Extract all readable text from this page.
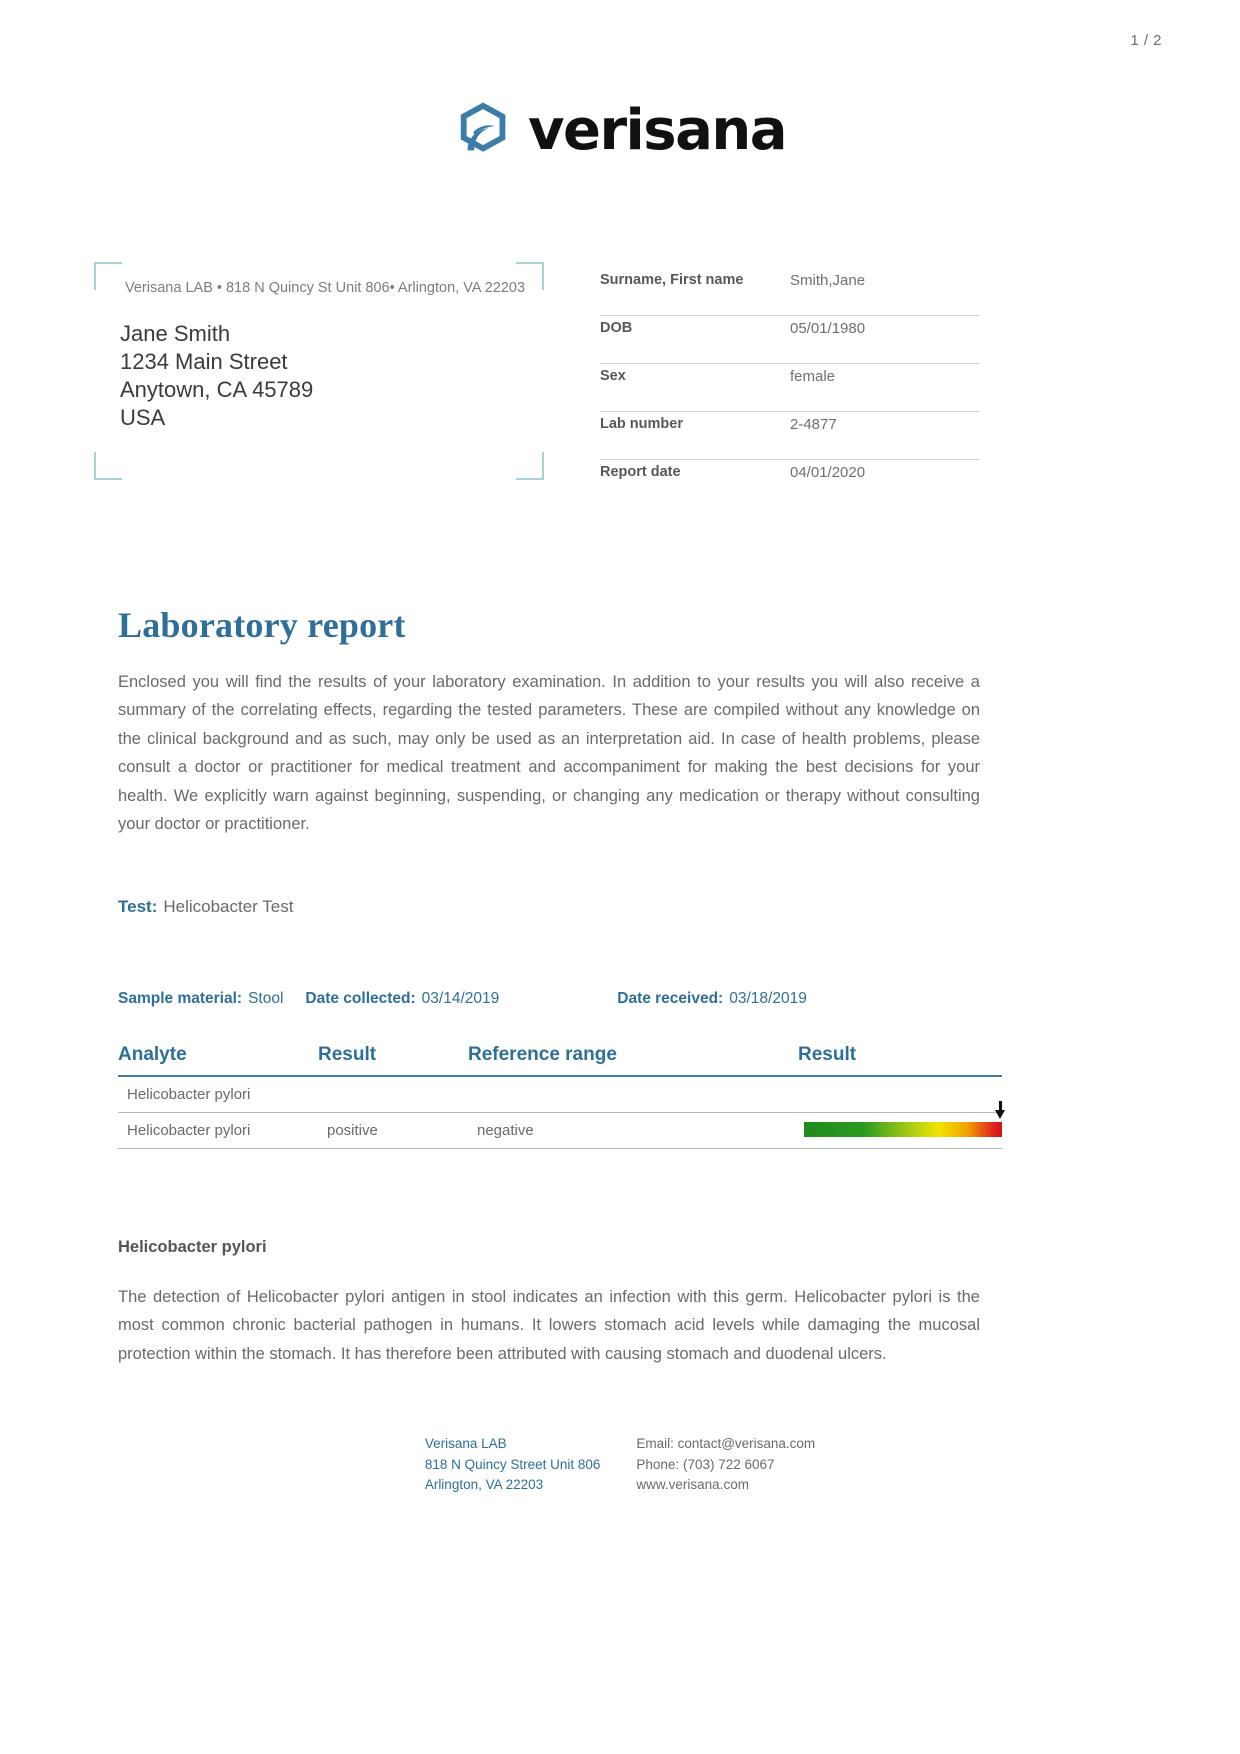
1 / 2
verisana
Verisana LAB • 818 N Quincy St Unit 806• Arlington, VA 22203
Jane Smith
1234 Main Street
Anytown, CA 45789
USA
Surname, First name	Smith,Jane
DOB	05/01/1980
Sex	female
Lab number	2-4877
Report date	04/01/2020
Laboratory report
Enclosed you will find the results of your laboratory examination. In addition to your results you will also receive a summary of the correlating effects, regarding the tested parameters. These are compiled without any knowledge on the clinical background and as such, may only be used as an interpretation aid. In case of health problems, please consult a doctor or practitioner for medical treatment and accompaniment for making the best decisions for your health. We explicitly warn against beginning, suspending, or changing any medication or therapy without consulting your doctor or practitioner.
Test: Helicobacter Test
Sample material: Stool Date collected: 03/14/2019	Date received: 03/18/2019
Analyte	Result	Reference range	Result
Helicobacter pylori
Helicobacter pylori	positive	negative
Helicobacter pylori
The detection of Helicobacter pylori antigen in stool indicates an infection with this germ. Helicobacter pylori is the most common chronic bacterial pathogen in humans. It lowers stomach acid levels while damaging the mucosal protection within the stomach. It has therefore been attributed with causing stomach and duodenal ulcers.
Verisana LAB
818 N Quincy Street Unit 806
Arlington, VA 22203
Email: contact@verisana.com
Phone: (703) 722 6067
www.verisana.com
